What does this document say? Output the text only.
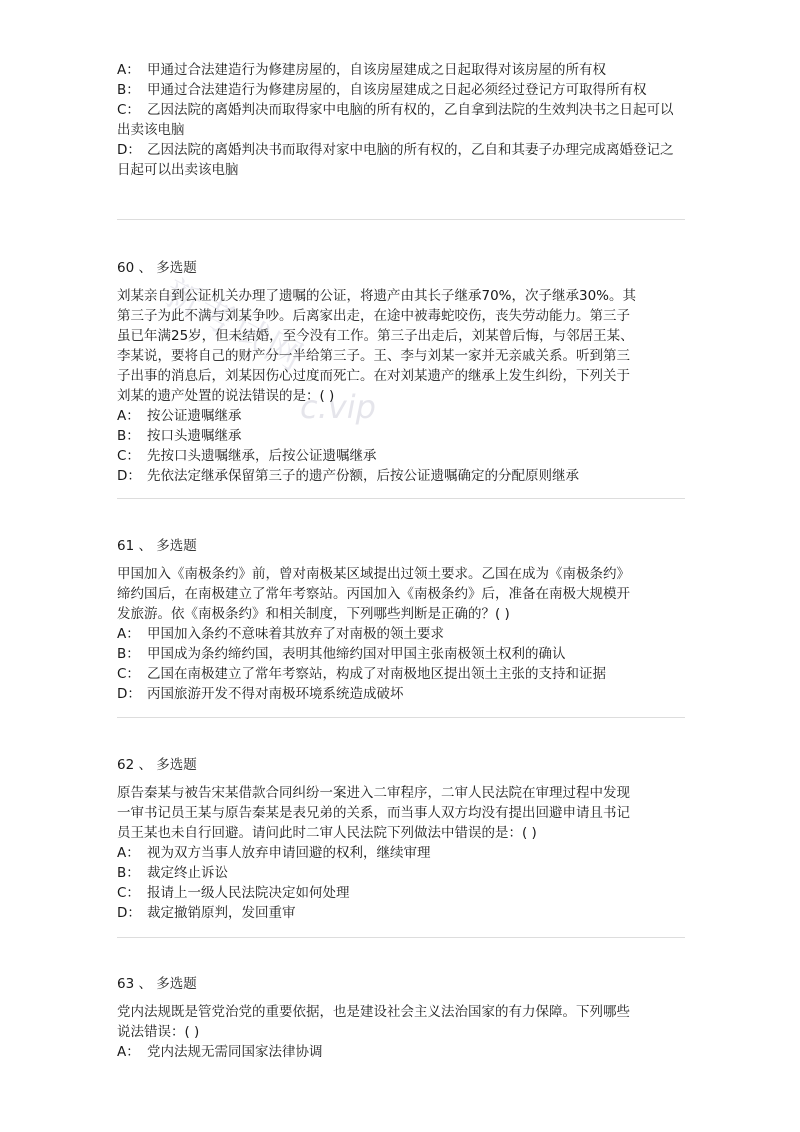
新考试网
c.vip
A： 甲通过合法建造行为修建房屋的，自该房屋建成之日起取得对该房屋的所有权
B： 甲通过合法建造行为修建房屋的，自该房屋建成之日起必须经过登记方可取得所有权
C： 乙因法院的离婚判决而取得家中电脑的所有权的，乙自拿到法院的生效判决书之日起可以出卖该电脑
D： 乙因法院的离婚判决书而取得对家中电脑的所有权的，乙自和其妻子办理完成离婚登记之日起可以出卖该电脑
60 、 多选题
刘某亲自到公证机关办理了遗嘱的公证，将遗产由其长子继承70%，次子继承30%。其
第三子为此不满与刘某争吵。后离家出走，在途中被毒蛇咬伤，丧失劳动能力。第三子
虽已年满25岁，但未结婚，至今没有工作。第三子出走后，刘某曾后悔，与邻居王某、
李某说，要将自己的财产分一半给第三子。王、李与刘某一家并无亲戚关系。听到第三
子出事的消息后，刘某因伤心过度而死亡。在对刘某遗产的继承上发生纠纷，下列关于
刘某的遗产处置的说法错误的是：( )
A： 按公证遗嘱继承
B： 按口头遗嘱继承
C： 先按口头遗嘱继承，后按公证遗嘱继承
D： 先依法定继承保留第三子的遗产份额，后按公证遗嘱确定的分配原则继承
61 、 多选题
甲国加入《南极条约》前，曾对南极某区域提出过领土要求。乙国在成为《南极条约》
缔约国后，在南极建立了常年考察站。丙国加入《南极条约》后，准备在南极大规模开
发旅游。依《南极条约》和相关制度，下列哪些判断是正确的？( )
A： 甲国加入条约不意味着其放弃了对南极的领土要求
B： 甲国成为条约缔约国，表明其他缔约国对甲国主张南极领土权利的确认
C： 乙国在南极建立了常年考察站，构成了对南极地区提出领土主张的支持和证据
D： 丙国旅游开发不得对南极环境系统造成破坏
62 、 多选题
原告秦某与被告宋某借款合同纠纷一案进入二审程序，二审人民法院在审理过程中发现
一审书记员王某与原告秦某是表兄弟的关系，而当事人双方均没有提出回避申请且书记
员王某也未自行回避。请问此时二审人民法院下列做法中错误的是：( )
A： 视为双方当事人放弃申请回避的权利，继续审理
B： 裁定终止诉讼
C： 报请上一级人民法院决定如何处理
D： 裁定撤销原判，发回重审
63 、 多选题
党内法规既是管党治党的重要依据，也是建设社会主义法治国家的有力保障。下列哪些
说法错误：( )
A： 党内法规无需同国家法律协调
